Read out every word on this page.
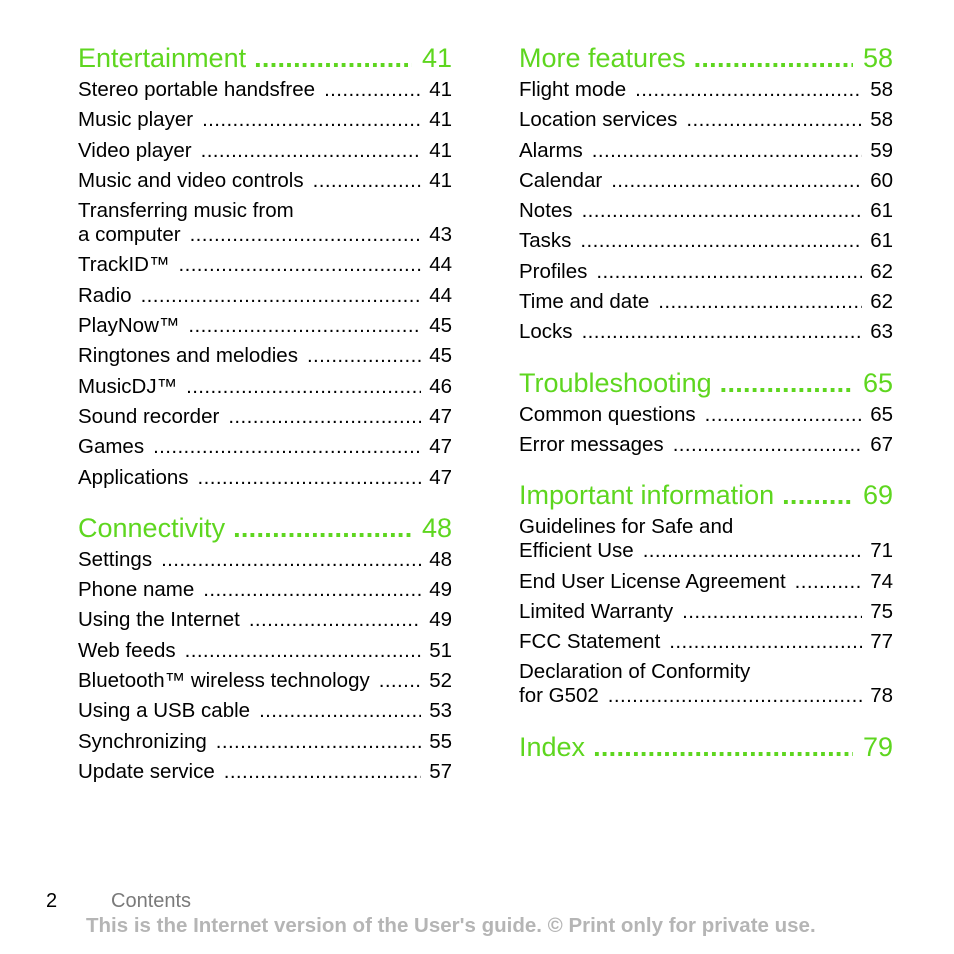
Entertainment .....	41
Stereo portable handsfree .....	41
Music player .....	41
Video player .....	41
Music and video controls .....	41
Transferring music from
a computer .....	43
TrackID™ .....	44
Radio .....	44
PlayNow™ .....	45
Ringtones and melodies .....	45
MusicDJ™ .....	46
Sound recorder .....	47
Games .....	47
Applications .....	47
Connectivity .....	48
Settings .....	48
Phone name .....	49
Using the Internet .....	49
Web feeds .....	51
Bluetooth™ wireless technology .....	52
Using a USB cable .....	53
Synchronizing .....	55
Update service .....	57
More features .....	58
Flight mode .....	58
Location services .....	58
Alarms .....	59
Calendar .....	60
Notes .....	61
Tasks .....	61
Profiles .....	62
Time and date .....	62
Locks .....	63
Troubleshooting .....	65
Common questions .....	65
Error messages .....	67
Important information .....	69
Guidelines for Safe and
Efficient Use .....	71
End User License Agreement .....	74
Limited Warranty .....	75
FCC Statement .....	77
Declaration of Conformity
for G502 .....	78
Index .....	79
2	Contents
This is the Internet version of the User's guide. © Print only for private use.
